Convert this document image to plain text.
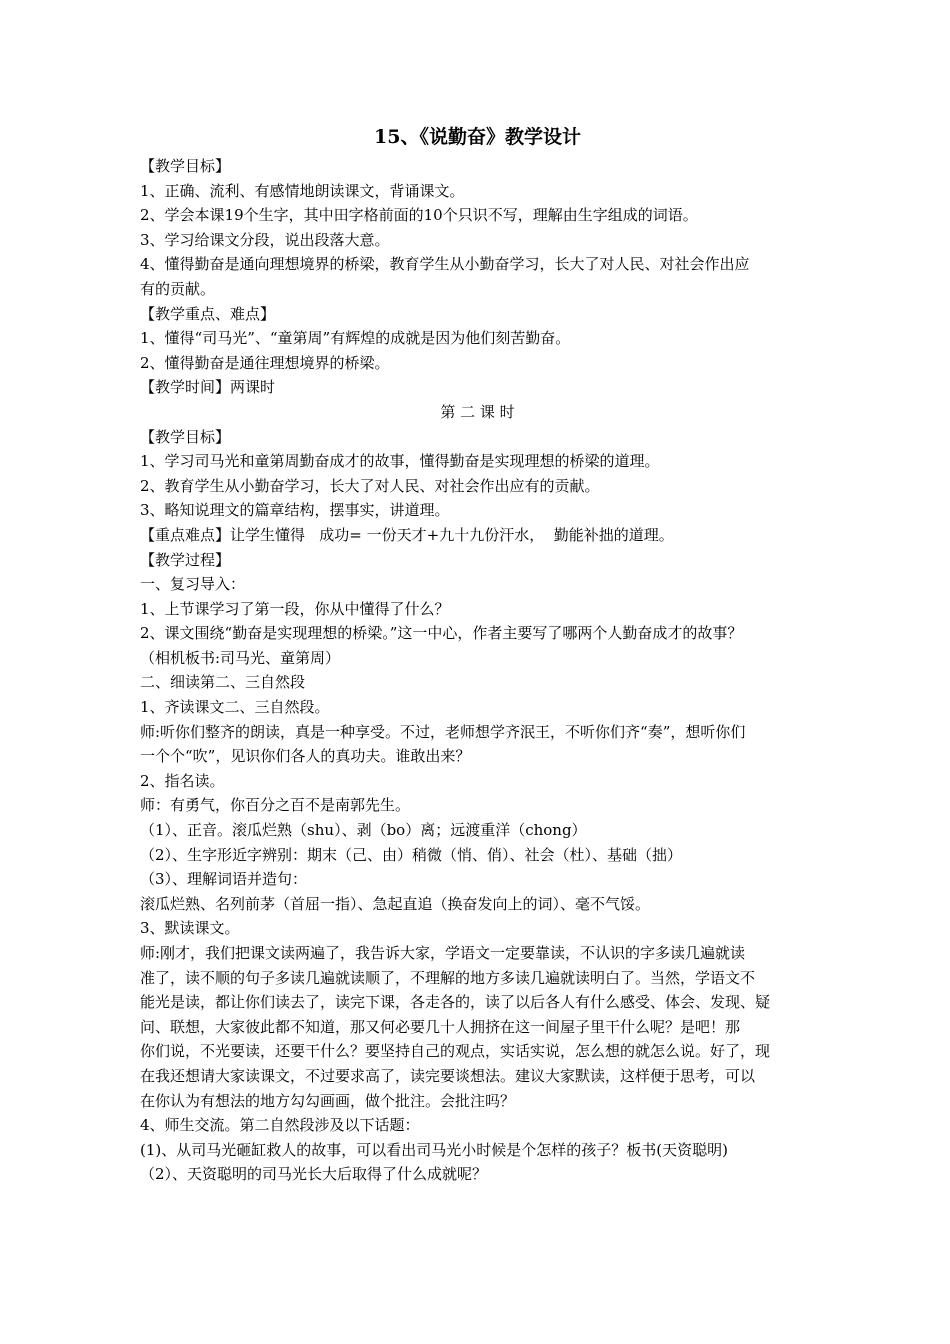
15、《说勤奋》教学设计

【教学目标】

1、正确、流利、有感情地朗读课文，背诵课文。

2、学会本课19个生字，其中田字格前面的10个只识不写，理解由生字组成的词语。

3、学习给课文分段，说出段落大意。

4、懂得勤奋是通向理想境界的桥梁，教育学生从小勤奋学习，长大了对人民、对社会作出应

有的贡献。

【教学重点、难点】

1、懂得“司马光”、“童第周”有辉煌的成就是因为他们刻苦勤奋。

2、懂得勤奋是通往理想境界的桥梁。

【教学时间】两课时

第 二 课 时

【教学目标】

1、学习司马光和童第周勤奋成才的故事，懂得勤奋是实现理想的桥梁的道理。

2、教育学生从小勤奋学习，长大了对人民、对社会作出应有的贡献。

3、略知说理文的篇章结构，摆事实，讲道理。

【重点难点】让学生懂得   成功= 一份天才+九十九份汗水，  勤能补拙的道理。

【教学过程】

一、复习导入：

1、上节课学习了第一段，你从中懂得了什么？

2、课文围绕“勤奋是实现理想的桥梁。”这一中心，作者主要写了哪两个人勤奋成才的故事？

（相机板书:司马光、童第周）

二、细读第二、三自然段

1、齐读课文二、三自然段。

师:听你们整齐的朗读，真是一种享受。不过，老师想学齐泯王，不听你们齐“奏”，想听你们

一个个“吹”，见识你们各人的真功夫。谁敢出来？

2、指名读。

师：有勇气，你百分之百不是南郭先生。

（1）、正音。滚瓜烂熟（shu）、剥（bo）离；远渡重洋（chong）

（2）、生字形近字辨别：期末（己、由）稍微（悄、俏）、社会（杜）、基础（拙）

（3）、理解词语并造句：

滚瓜烂熟、名列前茅（首屈一指）、急起直追（换奋发向上的词）、毫不气馁。

3、默读课文。

师:刚才，我们把课文读两遍了，我告诉大家，学语文一定要靠读，不认识的字多读几遍就读

准了，读不顺的句子多读几遍就读顺了，不理解的地方多读几遍就读明白了。当然，学语文不

能光是读，都让你们读去了，读完下课，各走各的，读了以后各人有什么感受、体会、发现、疑

问、联想，大家彼此都不知道，那又何必要几十人拥挤在这一间屋子里干什么呢？是吧！那

你们说，不光要读，还要干什么？要坚持自己的观点，实话实说，怎么想的就怎么说。好了，现

在我还想请大家读课文，不过要求高了，读完要谈想法。建议大家默读，这样便于思考，可以

在你认为有想法的地方勾勾画画，做个批注。会批注吗？

4、师生交流。第二自然段涉及以下话题：

(1)、从司马光砸缸救人的故事，可以看出司马光小时候是个怎样的孩子？板书(天资聪明)

（2）、天资聪明的司马光长大后取得了什么成就呢？
